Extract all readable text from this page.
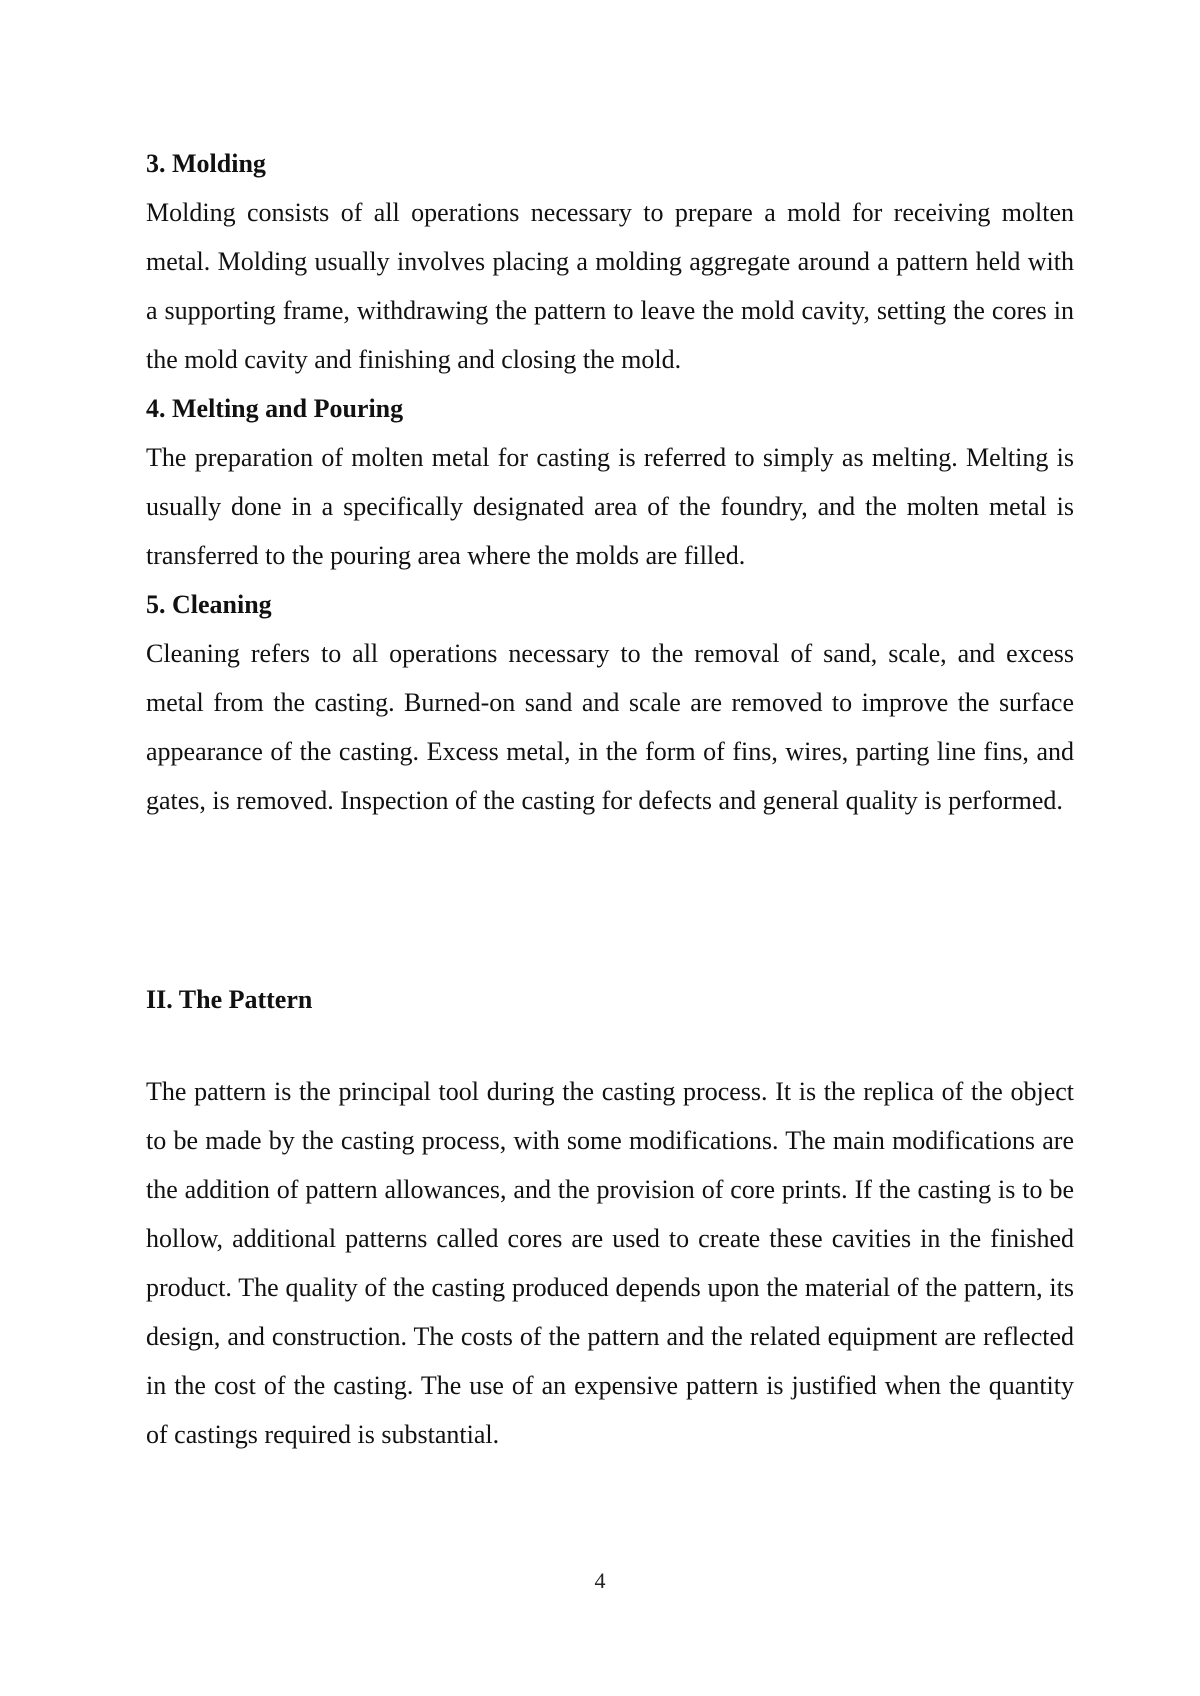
3. Molding

Molding consists of all operations necessary to prepare a mold for receiving molten metal. Molding usually involves placing a molding aggregate around a pattern held with a supporting frame, withdrawing the pattern to leave the mold cavity, setting the cores in the mold cavity and finishing and closing the mold.

4. Melting and Pouring

The preparation of molten metal for casting is referred to simply as melting. Melting is usually done in a specifically designated area of the foundry, and the molten metal is transferred to the pouring area where the molds are filled.

5. Cleaning

Cleaning refers to all operations necessary to the removal of sand, scale, and excess metal from the casting. Burned-on sand and scale are removed to improve the surface appearance of the casting. Excess metal, in the form of fins, wires, parting line fins, and gates, is removed. Inspection of the casting for defects and general quality is performed.

II. The Pattern

The pattern is the principal tool during the casting process. It is the replica of the object to be made by the casting process, with some modifications. The main modifications are the addition of pattern allowances, and the provision of core prints. If the casting is to be hollow, additional patterns called cores are used to create these cavities in the finished product. The quality of the casting produced depends upon the material of the pattern, its design, and construction. The costs of the pattern and the related equipment are reflected in the cost of the casting. The use of an expensive pattern is justified when the quantity of castings required is substantial.

4
